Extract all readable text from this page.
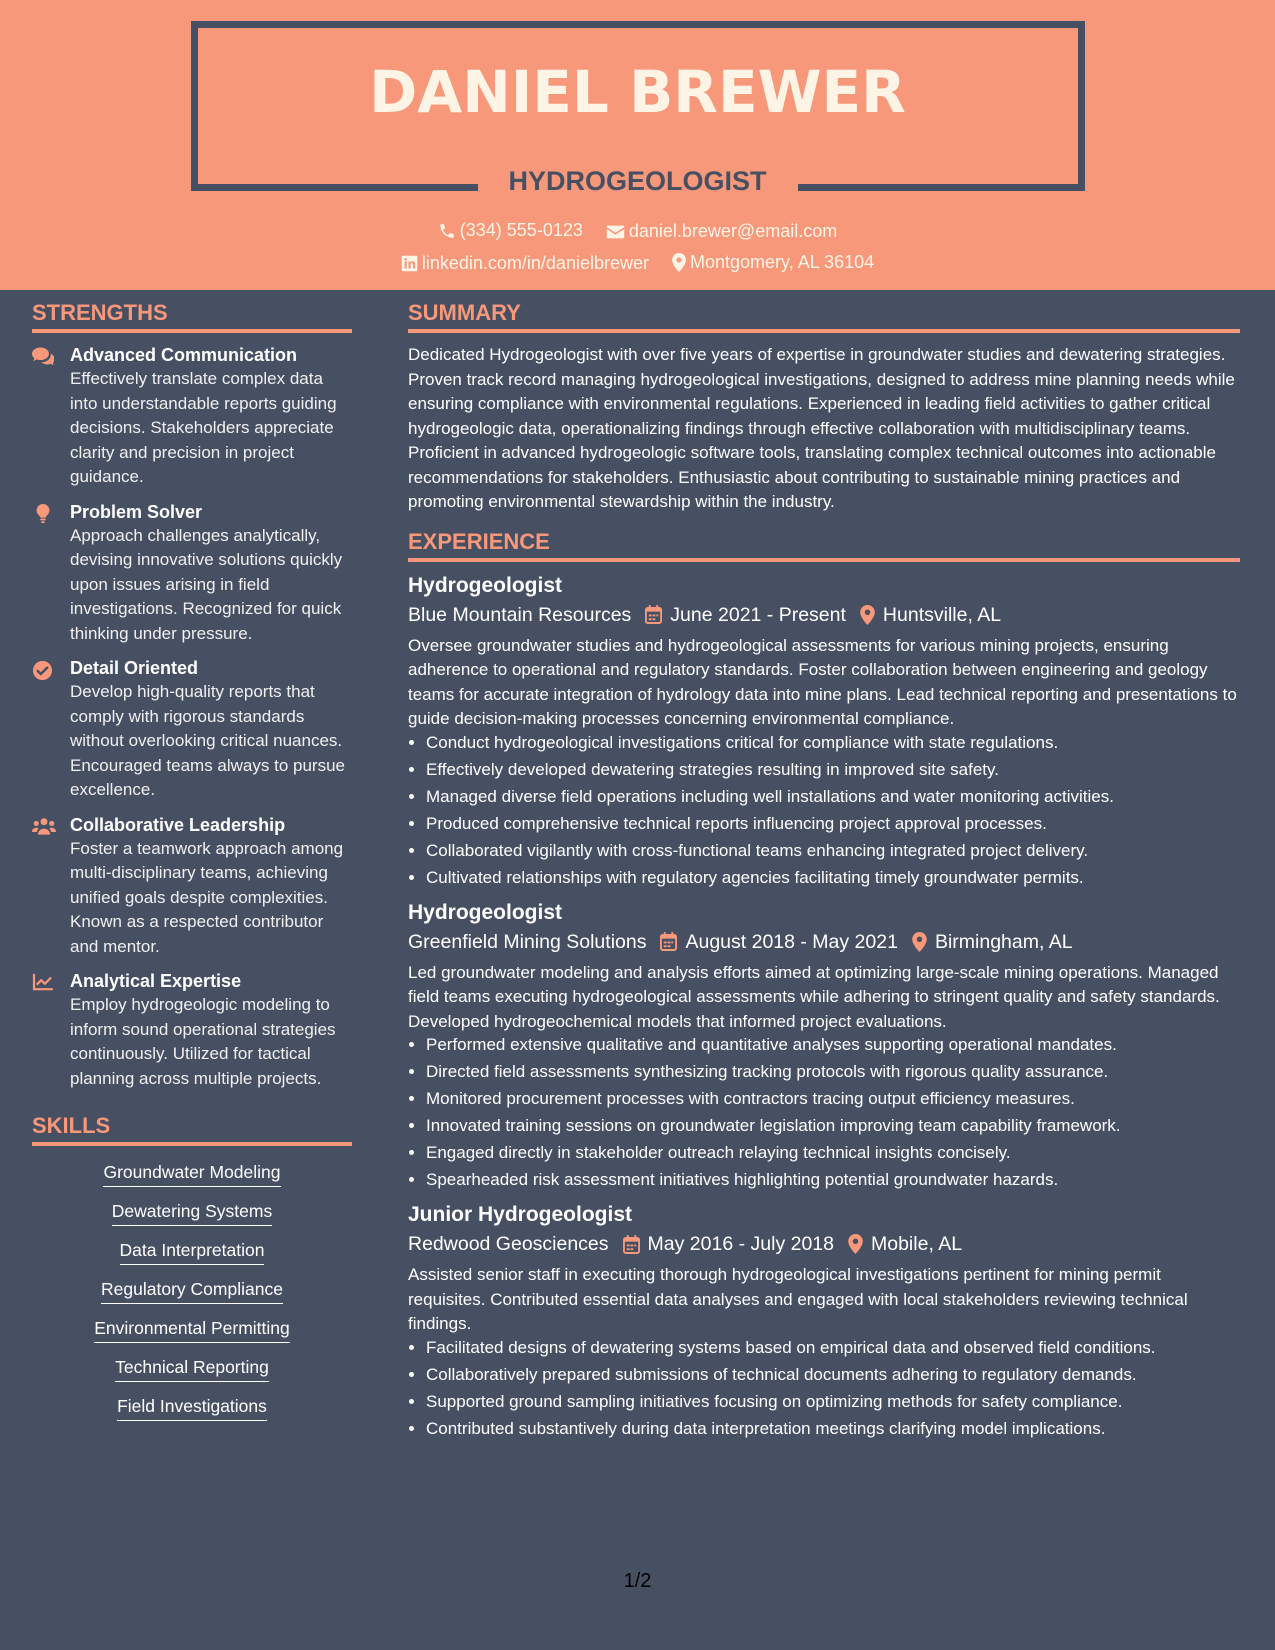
DANIEL BREWER
HYDROGEOLOGIST
(334) 555-0123
	daniel.brewer@email.com
linkedin.com/in/danielbrewer
Montgomery, AL 36104
STRENGTHS
Advanced Communication
Effectively translate complex data into understandable reports guiding decisions. Stakeholders appreciate clarity and precision in project guidance.
Problem Solver
Approach challenges analytically, devising innovative solutions quickly upon issues arising in field investigations. Recognized for quick thinking under pressure.
Detail Oriented
Develop high-quality reports that comply with rigorous standards without overlooking critical nuances. Encouraged teams always to pursue excellence.
Collaborative Leadership
Foster a teamwork approach among multi-disciplinary teams, achieving unified goals despite complexities. Known as a respected contributor and mentor.
Analytical Expertise
Employ hydrogeologic modeling to inform sound operational strategies continuously. Utilized for tactical planning across multiple projects.
SKILLS
Groundwater Modeling
Dewatering Systems
Data Interpretation
Regulatory Compliance
Environmental Permitting
Technical Reporting
Field Investigations
SUMMARY

Dedicated Hydrogeologist with over five years of expertise in groundwater studies and dewatering strategies. Proven track record managing hydrogeological investigations, designed to address mine planning needs while ensuring compliance with environmental regulations. Experienced in leading field activities to gather critical hydrogeologic data, operationalizing findings through effective collaboration with multidisciplinary teams. Proficient in advanced hydrogeologic software tools, translating complex technical outcomes into actionable recommendations for stakeholders. Enthusiastic about contributing to sustainable mining practices and promoting environmental stewardship within the industry.

EXPERIENCE
Hydrogeologist
Blue Mountain Resources June 2021 - Present Huntsville, AL

Oversee groundwater studies and hydrogeological assessments for various mining projects, ensuring adherence to operational and regulatory standards. Foster collaboration between engineering and geology teams for accurate integration of hydrology data into mine plans. Lead technical reporting and presentations to guide decision-making processes concerning environmental compliance.

• Conduct hydrogeological investigations critical for compliance with state regulations.
• Effectively developed dewatering strategies resulting in improved site safety.
• Managed diverse field operations including well installations and water monitoring activities.
• Produced comprehensive technical reports influencing project approval processes.
• Collaborated vigilantly with cross-functional teams enhancing integrated project delivery.
• Cultivated relationships with regulatory agencies facilitating timely groundwater permits.
Hydrogeologist
Greenfield Mining Solutions August 2018 - May 2021 Birmingham, AL

Led groundwater modeling and analysis efforts aimed at optimizing large-scale mining operations. Managed field teams executing hydrogeological assessments while adhering to stringent quality and safety standards. Developed hydrogeochemical models that informed project evaluations.

• Performed extensive qualitative and quantitative analyses supporting operational mandates.
• Directed field assessments synthesizing tracking protocols with rigorous quality assurance.
• Monitored procurement processes with contractors tracing output efficiency measures.
• Innovated training sessions on groundwater legislation improving team capability framework.
• Engaged directly in stakeholder outreach relaying technical insights concisely.
• Spearheaded risk assessment initiatives highlighting potential groundwater hazards.
Junior Hydrogeologist
Redwood Geosciences May 2016 - July 2018 Mobile, AL

Assisted senior staff in executing thorough hydrogeological investigations pertinent for mining permit requisites. Contributed essential data analyses and engaged with local stakeholders reviewing technical findings.

• Facilitated designs of dewatering systems based on empirical data and observed field conditions.
• Collaboratively prepared submissions of technical documents adhering to regulatory demands.
• Supported ground sampling initiatives focusing on optimizing methods for safety compliance.
• Contributed substantively during data interpretation meetings clarifying model implications.
1/2
